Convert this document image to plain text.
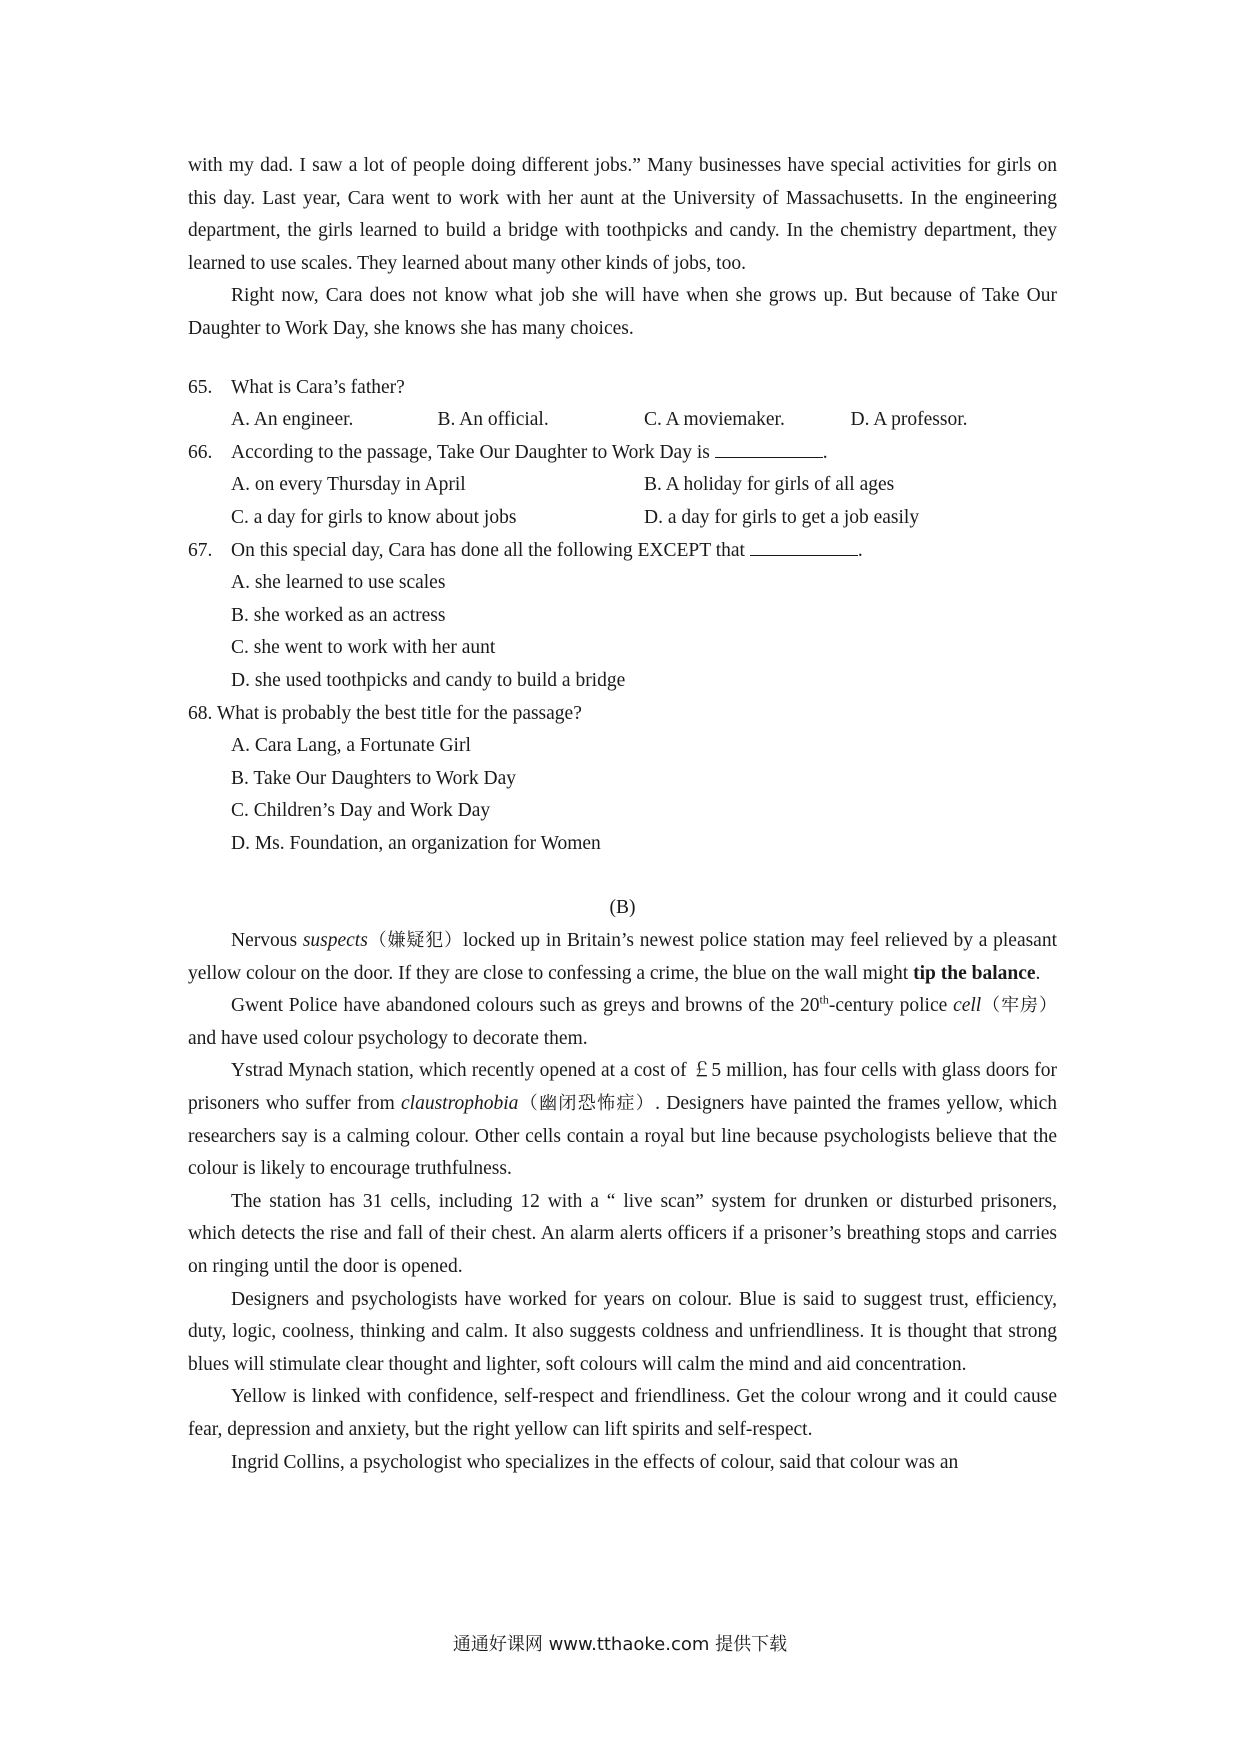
with my dad. I saw a lot of people doing different jobs.” Many businesses have special activities for girls on this day. Last year, Cara went to work with her aunt at the University of Massachusetts. In the engineering department, the girls learned to build a bridge with toothpicks and candy. In the chemistry department, they learned to use scales. They learned about many other kinds of jobs, too.

Right now, Cara does not know what job she will have when she grows up. But because of Take Our Daughter to Work Day, she knows she has many choices.

65. What is Cara’s father?
A. An engineer.	B. An official.	C. A moviemaker.	D. A professor.
66. According to the passage, Take Our Daughter to Work Day is	.
A. on every Thursday in April	B. A holiday for girls of all ages
C. a day for girls to know about jobs	D. a day for girls to get a job easily
67. On this special day, Cara has done all the following EXCEPT that	.
A. she learned to use scales
B. she worked as an actress
C. she went to work with her aunt
D. she used toothpicks and candy to build a bridge
68. What is probably the best title for the passage?
A. Cara Lang, a Fortunate Girl
B. Take Our Daughters to Work Day
C. Children’s Day and Work Day
D. Ms. Foundation, an organization for Women
(B)

Nervous suspects（嫌疑犯）locked up in Britain’s newest police station may feel relieved by a pleasant yellow colour on the door. If they are close to confessing a crime, the blue on the wall might tip the balance.

Gwent Police have abandoned colours such as greys and browns of the 20th-century police cell（牢房）and have used colour psychology to decorate them.

Ystrad Mynach station, which recently opened at a cost of ￡5 million, has four cells with glass doors for prisoners who suffer from claustrophobia（幽闭恐怖症）. Designers have painted the frames yellow, which researchers say is a calming colour. Other cells contain a royal but line because psychologists believe that the colour is likely to encourage truthfulness.

The station has 31 cells, including 12 with a “ live scan” system for drunken or disturbed prisoners, which detects the rise and fall of their chest. An alarm alerts officers if a prisoner’s breathing stops and carries on ringing until the door is opened.

Designers and psychologists have worked for years on colour. Blue is said to suggest trust, efficiency, duty, logic, coolness, thinking and calm. It also suggests coldness and unfriendliness. It is thought that strong blues will stimulate clear thought and lighter, soft colours will calm the mind and aid concentration.

Yellow is linked with confidence, self-respect and friendliness. Get the colour wrong and it could cause fear, depression and anxiety, but the right yellow can lift spirits and self-respect.

Ingrid Collins, a psychologist who specializes in the effects of colour, said that colour was an

通通好课网 www.tthaoke.com 提供下载
